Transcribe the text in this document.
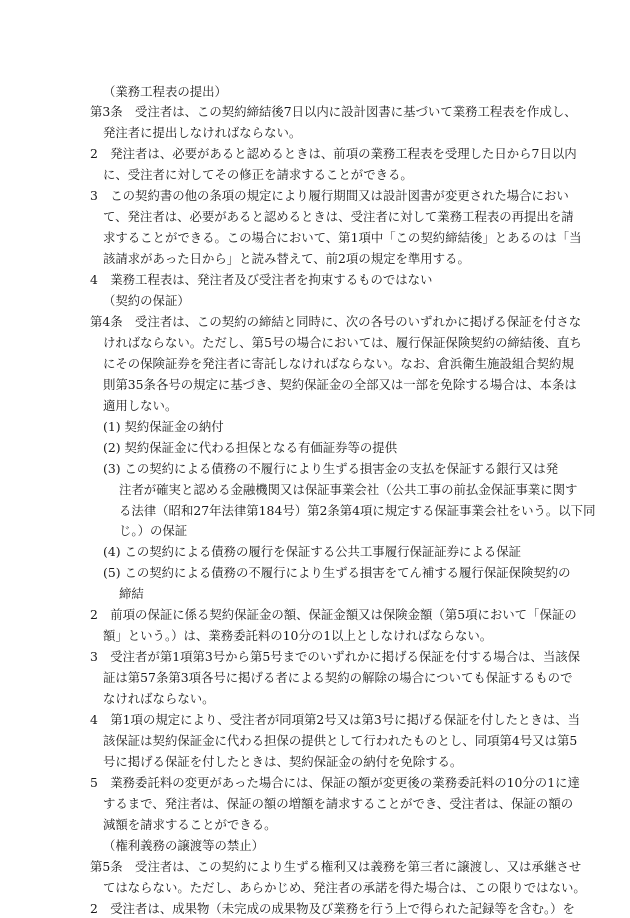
（業務工程表の提出）
第3条　受注者は、この契約締結後7日以内に設計図書に基づいて業務工程表を作成し、
発注者に提出しなければならない。
2　発注者は、必要があると認めるときは、前項の業務工程表を受理した日から7日以内
に、受注者に対してその修正を請求することができる。
3　この契約書の他の条項の規定により履行期間又は設計図書が変更された場合におい
て、発注者は、必要があると認めるときは、受注者に対して業務工程表の再提出を請
求することができる。この場合において、第1項中「この契約締結後」とあるのは「当
該請求があった日から」と読み替えて、前2項の規定を準用する。
4　業務工程表は、発注者及び受注者を拘束するものではない
（契約の保証）
第4条　受注者は、この契約の締結と同時に、次の各号のいずれかに掲げる保証を付さな
ければならない。ただし、第5号の場合においては、履行保証保険契約の締結後、直ち
にその保険証券を発注者に寄託しなければならない。なお、倉浜衛生施設組合契約規
則第35条各号の規定に基づき、契約保証金の全部又は一部を免除する場合は、本条は
適用しない。
(1) 契約保証金の納付
(2) 契約保証金に代わる担保となる有価証券等の提供
(3) この契約による債務の不履行により生ずる損害金の支払を保証する銀行又は発
注者が確実と認める金融機関又は保証事業会社（公共工事の前払金保証事業に関す
る法律（昭和27年法律第184号）第2条第4項に規定する保証事業会社をいう。以下同
じ。）の保証
(4) この契約による債務の履行を保証する公共工事履行保証証券による保証
(5) この契約による債務の不履行により生ずる損害をてん補する履行保証保険契約の
締結
2　前項の保証に係る契約保証金の額、保証金額又は保険金額（第5項において「保証の
額」という。）は、業務委託料の10分の1以上としなければならない。
3　受注者が第1項第3号から第5号までのいずれかに掲げる保証を付する場合は、当該保
証は第57条第3項各号に掲げる者による契約の解除の場合についても保証するもので
なければならない。
4　第1項の規定により、受注者が同項第2号又は第3号に掲げる保証を付したときは、当
該保証は契約保証金に代わる担保の提供として行われたものとし、同項第4号又は第5
号に掲げる保証を付したときは、契約保証金の納付を免除する。
5　業務委託料の変更があった場合には、保証の額が変更後の業務委託料の10分の1に達
するまで、発注者は、保証の額の増額を請求することができ、受注者は、保証の額の
減額を請求することができる。
（権利義務の譲渡等の禁止）
第5条　受注者は、この契約により生ずる権利又は義務を第三者に譲渡し、又は承継させ
てはならない。ただし、あらかじめ、発注者の承諾を得た場合は、この限りではない。
2　受注者は、成果物（未完成の成果物及び業務を行う上で得られた記録等を含む。）を
